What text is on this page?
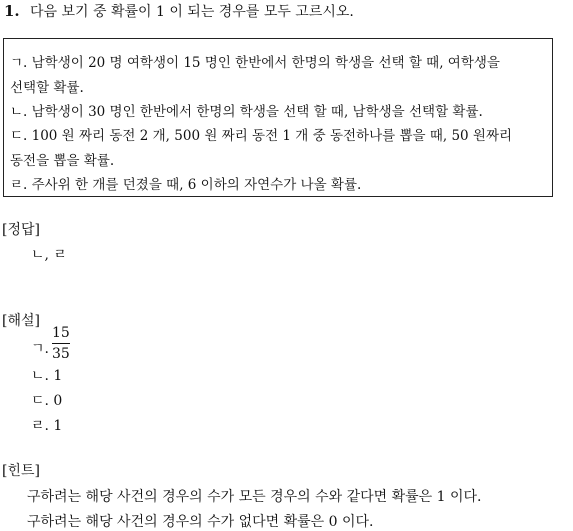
1. 다음 보기 중 확률이 1 이 되는 경우를 모두 고르시오.
ㄱ. 남학생이 20 명 여학생이 15 명인 한반에서 한명의 학생을 선택 할 때, 여학생을
선택할 확률.
ㄴ. 남학생이 30 명인 한반에서 한명의 학생을 선택 할 때, 남학생을 선택할 확률.
ㄷ. 100 원 짜리 동전 2 개, 500 원 짜리 동전 1 개 중 동전하나를 뽑을 때, 50 원짜리
동전을 뽑을 확률.
ㄹ. 주사위 한 개를 던졌을 때, 6 이하의 자연수가 나올 확률.
[정답]
ㄴ, ㄹ
[해설]
ㄱ.
15
35
ㄴ. 1
ㄷ. 0
ㄹ. 1
[힌트]
구하려는 해당 사건의 경우의 수가 모든 경우의 수와 같다면 확률은 1 이다.
구하려는 해당 사건의 경우의 수가 없다면 확률은 0 이다.
